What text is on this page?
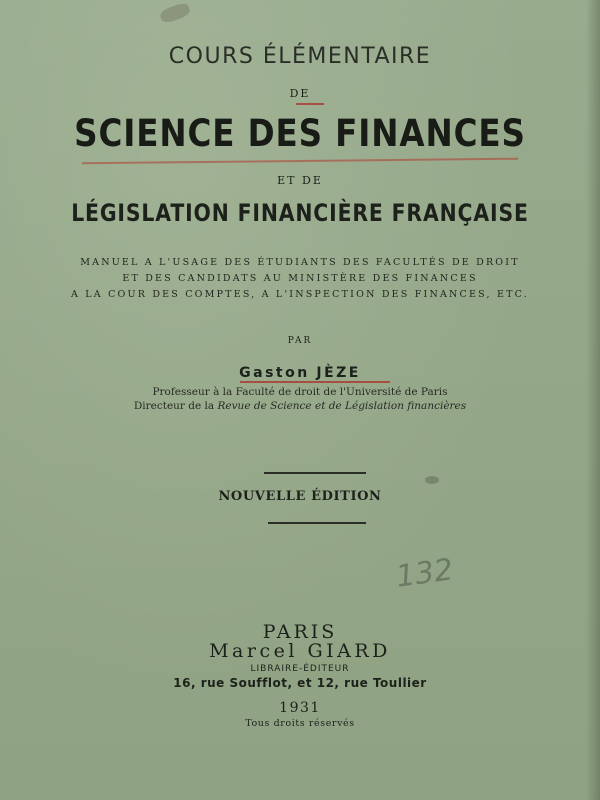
COURS ÉLÉMENTAIRE
DE
SCIENCE DES FINANCES
ET DE
LÉGISLATION FINANCIÈRE FRANÇAISE
MANUEL A L'USAGE DES ÉTUDIANTS DES FACULTÉS DE DROIT
ET DES CANDIDATS AU MINISTÈRE DES FINANCES
A LA COUR DES COMPTES, A L'INSPECTION DES FINANCES, ETC.
PAR
Gaston JÈZE
Professeur à la Faculté de droit de l'Université de Paris
Directeur de la Revue de Science et de Législation financières
NOUVELLE ÉDITION
132
PARIS
Marcel GIARD
LIBRAIRE-ÉDITEUR
16, rue Soufflot, et 12, rue Toullier
1931
Tous droits réservés
